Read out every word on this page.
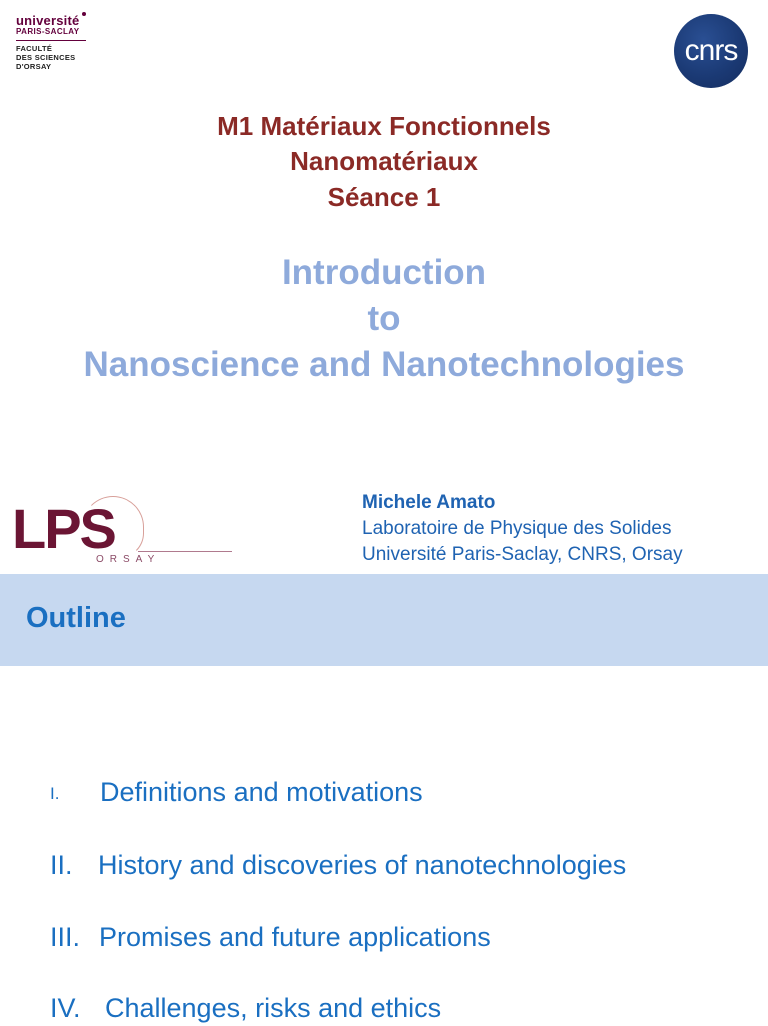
université
PARIS-SACLAY
FACULTÉ
DES SCIENCES
D'ORSAY	cnrs
M1 Matériaux Fonctionnels
Nanomatériaux
Séance 1
Introduction
to
Nanoscience and Nanotechnologies
LPS
ORSAY
Michele Amato
Laboratoire de Physique des Solides
Université Paris-Saclay, CNRS, Orsay
Outline
I. Definitions and motivations
II. History and discoveries of nanotechnologies
III. Promises and future applications
IV. Challenges, risks and ethics
